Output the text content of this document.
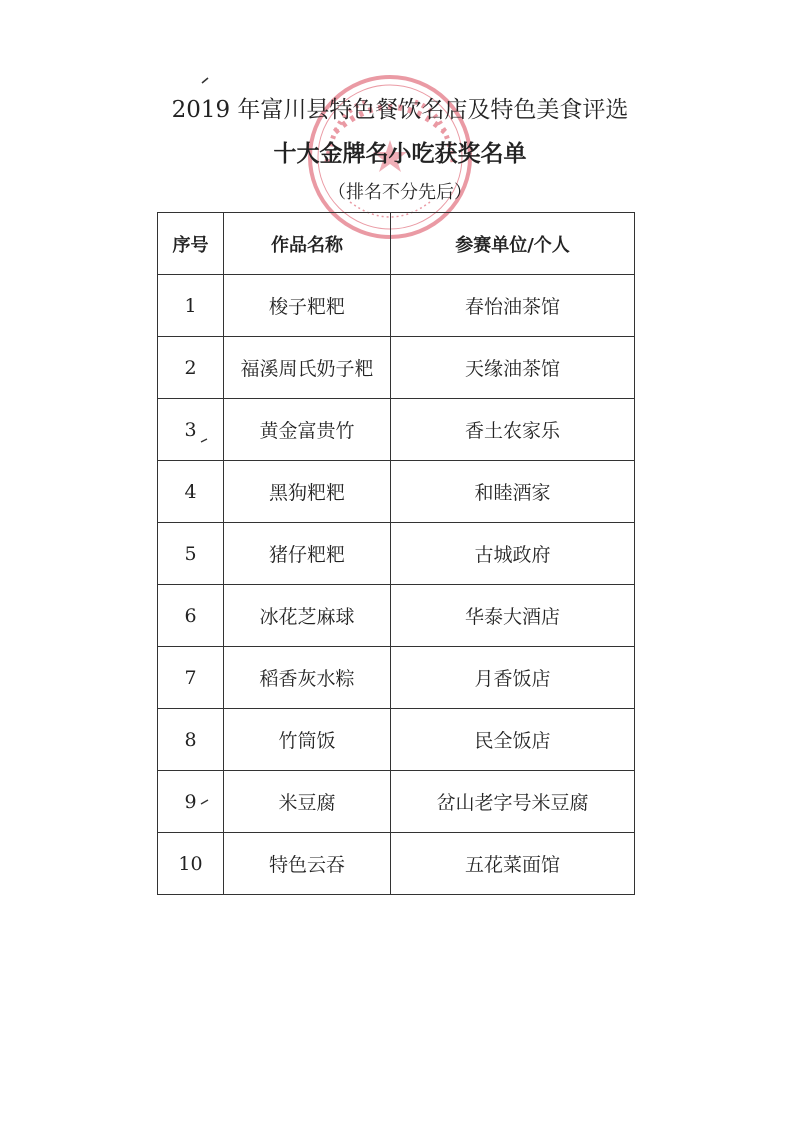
2019 年富川县特色餐饮名店及特色美食评选
十大金牌名小吃获奖名单
（排名不分先后）
序号	作品名称	参赛单位/个人
1	梭子粑粑	春怡油茶馆
2	福溪周氏奶子粑	天缘油茶馆
3	黄金富贵竹	香土农家乐
4	黑狗粑粑	和睦酒家
5	猪仔粑粑	古城政府
6	冰花芝麻球	华泰大酒店
7	稻香灰水粽	月香饭店
8	竹筒饭	民全饭店
9	米豆腐	岔山老字号米豆腐
10	特色云吞	五花菜面馆
